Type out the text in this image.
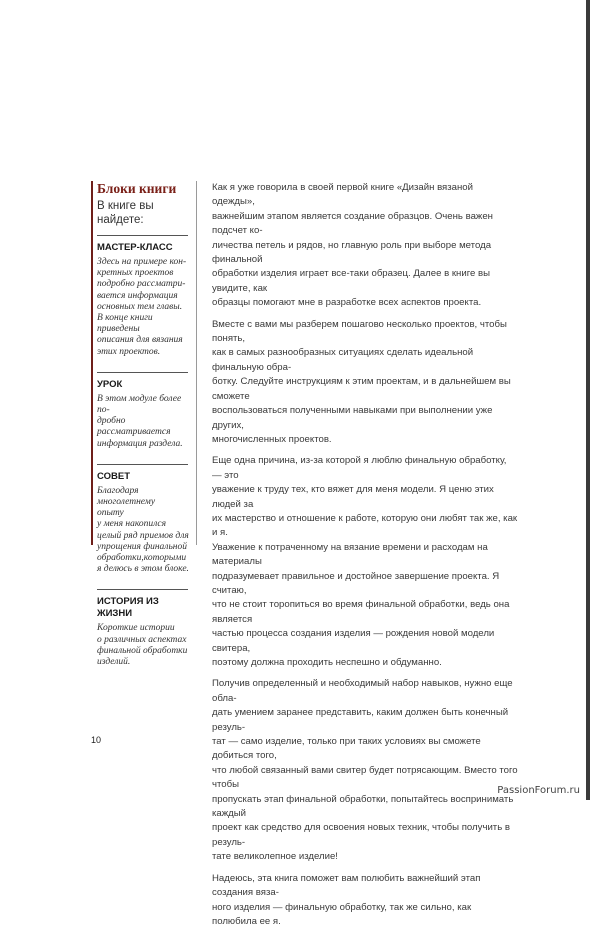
Блоки книги

В книге вы найдете:

МАСТЕР-КЛАСС

Здесь на примере кон-
кретных проектов
подробно рассматри-
вается информация
основных тем главы.
В конце книги приведены
описания для вязания
этих проектов.

УРОК

В этом модуле более по-
дробно рассматривается
информация раздела.

СОВЕТ

Благодаря многолетнему
опыту
у меня накопился
целый ряд приемов для
упрощения финальной
обработки,которыми
я делюсь в этом блоке.

ИСТОРИЯ ИЗ ЖИЗНИ

Короткие истории
о различных аспектах
финальной обработки
изделий.

Как я уже говорила в своей первой книге «Дизайн вязаной одежды»,
важнейшим этапом является создание образцов. Очень важен подсчет ко-
личества петель и рядов, но главную роль при выборе метода финальной
обработки изделия играет все-таки образец. Далее в книге вы увидите, как
образцы помогают мне в разработке всех аспектов проекта.

Вместе с вами мы разберем пошагово несколько проектов, чтобы понять,
как в самых разнообразных ситуациях сделать идеальной финальную обра-
ботку. Следуйте инструкциям к этим проектам, и в дальнейшем вы сможете
воспользоваться полученными навыками при выполнении уже других,
многочисленных проектов.

Еще одна причина, из-за которой я люблю финальную обработку, — это
уважение к труду тех, кто вяжет для меня модели. Я ценю этих людей за
их мастерство и отношение к работе, которую они любят так же, как и я.
Уважение к потраченному на вязание времени и расходам на материалы
подразумевает правильное и достойное завершение проекта. Я считаю,
что не стоит торопиться во время финальной обработки, ведь она является
частью процесса создания изделия — рождения новой модели свитера,
поэтому должна проходить неспешно и обдуманно.

Получив определенный и необходимый набор навыков, нужно еще обла-
дать умением заранее представить, каким должен быть конечный резуль-
тат — само изделие, только при таких условиях вы сможете добиться того,
что любой связанный вами свитер будет потрясающим. Вместо того чтобы
пропускать этап финальной обработки, попытайтесь воспринимать каждый
проект как средство для освоения новых техник, чтобы получить в резуль-
тате великолепное изделие!

Надеюсь, эта книга поможет вам полюбить важнейший этап создания вяза-
ного изделия — финальную обработку, так же сильно, как полюбила ее я.

10
PassionForum.ru
